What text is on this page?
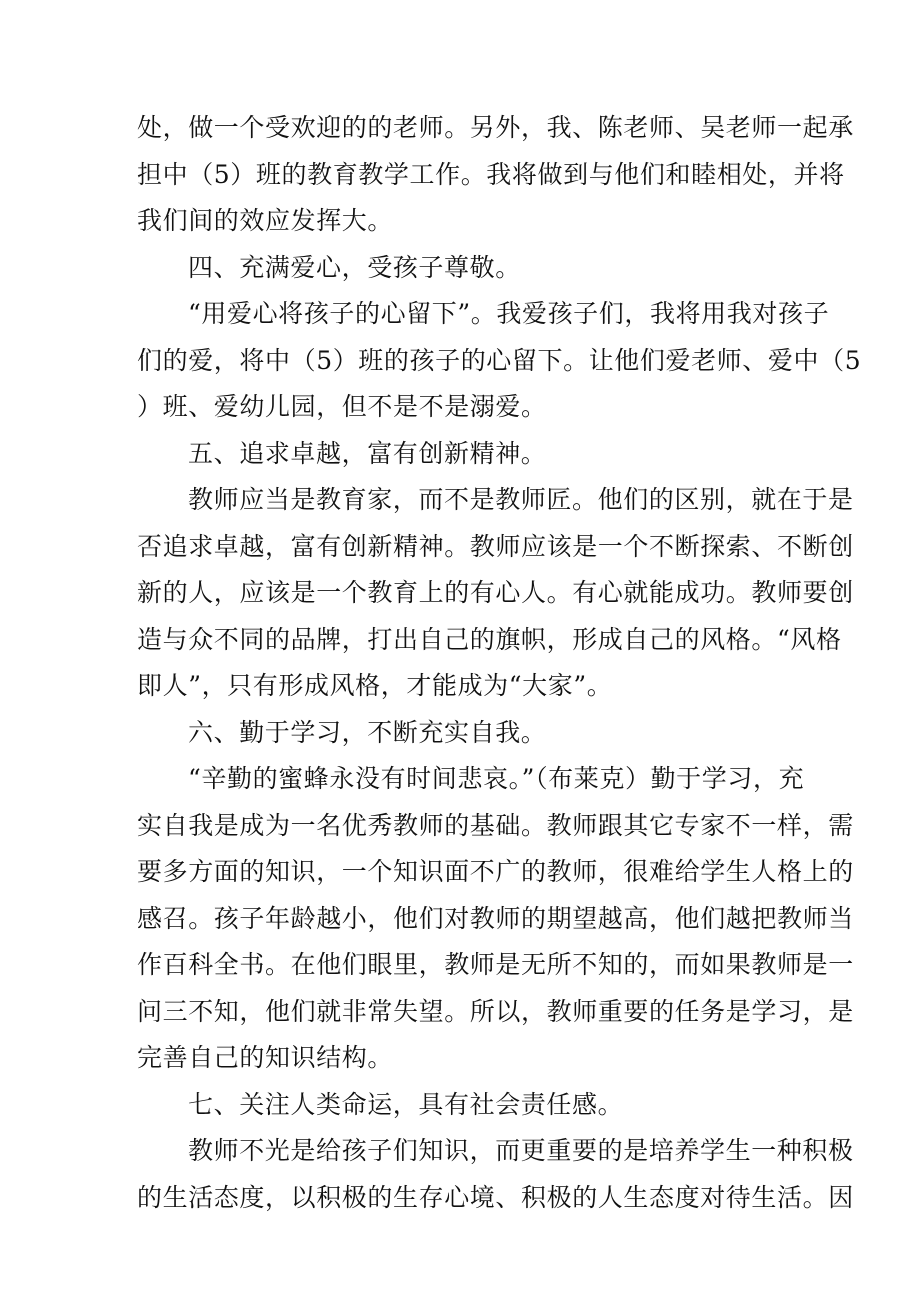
处，做一个受欢迎的的老师。另外，我、陈老师、吴老师一起承
担中（5）班的教育教学工作。我将做到与他们和睦相处，并将
我们间的效应发挥大。
四、充满爱心，受孩子尊敬。
“用爱心将孩子的心留下”。我爱孩子们，我将用我对孩子
们的爱，将中（5）班的孩子的心留下。让他们爱老师、爱中（5
）班、爱幼儿园，但不是不是溺爱。
五、追求卓越，富有创新精神。
教师应当是教育家，而不是教师匠。他们的区别，就在于是
否追求卓越，富有创新精神。教师应该是一个不断探索、不断创
新的人，应该是一个教育上的有心人。有心就能成功。教师要创
造与众不同的品牌，打出自己的旗帜，形成自己的风格。“风格
即人”，只有形成风格，才能成为“大家”。
六、勤于学习，不断充实自我。
“辛勤的蜜蜂永没有时间悲哀。”（布莱克）勤于学习，充
实自我是成为一名优秀教师的基础。教师跟其它专家不一样，需
要多方面的知识，一个知识面不广的教师，很难给学生人格上的
感召。孩子年龄越小，他们对教师的期望越高，他们越把教师当
作百科全书。在他们眼里，教师是无所不知的，而如果教师是一
问三不知，他们就非常失望。所以，教师重要的任务是学习，是
完善自己的知识结构。
七、关注人类命运，具有社会责任感。
教师不光是给孩子们知识，而更重要的是培养学生一种积极
的生活态度，以积极的生存心境、积极的人生态度对待生活。因
